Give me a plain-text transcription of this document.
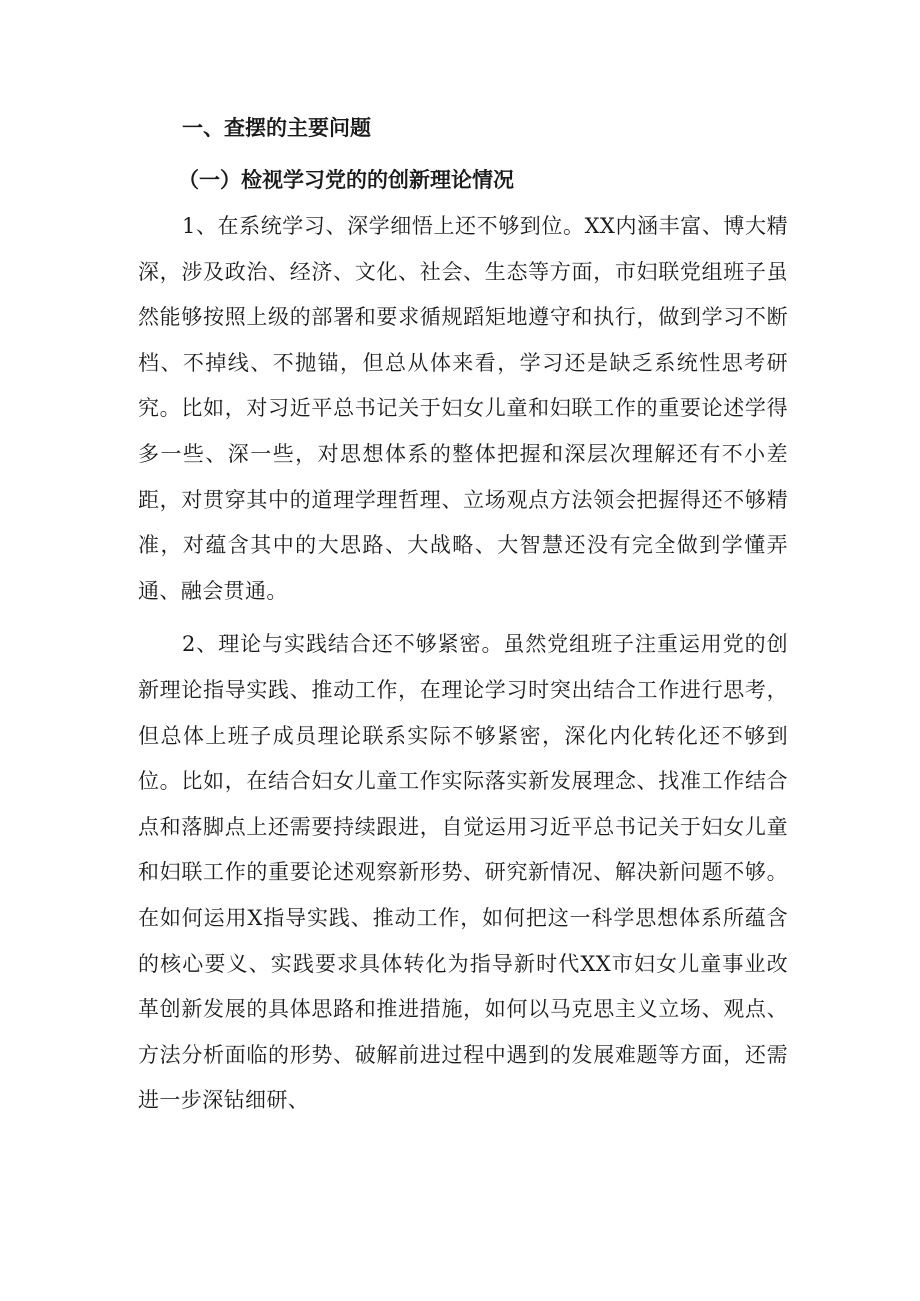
一、查摆的主要问题
（一）检视学习党的的创新理论情况

1、在系统学习、深学细悟上还不够到位。XX内涵丰富、博大精深，涉及政治、经济、文化、社会、生态等方面，市妇联党组班子虽然能够按照上级的部署和要求循规蹈矩地遵守和执行，做到学习不断档、不掉线、不抛锚，但总从体来看，学习还是缺乏系统性思考研究。比如，对习近平总书记关于妇女儿童和妇联工作的重要论述学得多一些、深一些，对思想体系的整体把握和深层次理解还有不小差距，对贯穿其中的道理学理哲理、立场观点方法领会把握得还不够精准，对蕴含其中的大思路、大战略、大智慧还没有完全做到学懂弄通、融会贯通。

2、理论与实践结合还不够紧密。虽然党组班子注重运用党的创新理论指导实践、推动工作，在理论学习时突出结合工作进行思考，但总体上班子成员理论联系实际不够紧密，深化内化转化还不够到位。比如，在结合妇女儿童工作实际落实新发展理念、找准工作结合点和落脚点上还需要持续跟进，自觉运用习近平总书记关于妇女儿童和妇联工作的重要论述观察新形势、研究新情况、解决新问题不够。在如何运用X指导实践、推动工作，如何把这一科学思想体系所蕴含的核心要义、实践要求具体转化为指导新时代XX市妇女儿童事业改革创新发展的具体思路和推进措施，如何以马克思主义立场、观点、方法分析面临的形势、破解前进过程中遇到的发展难题等方面，还需进一步深钻细研、
